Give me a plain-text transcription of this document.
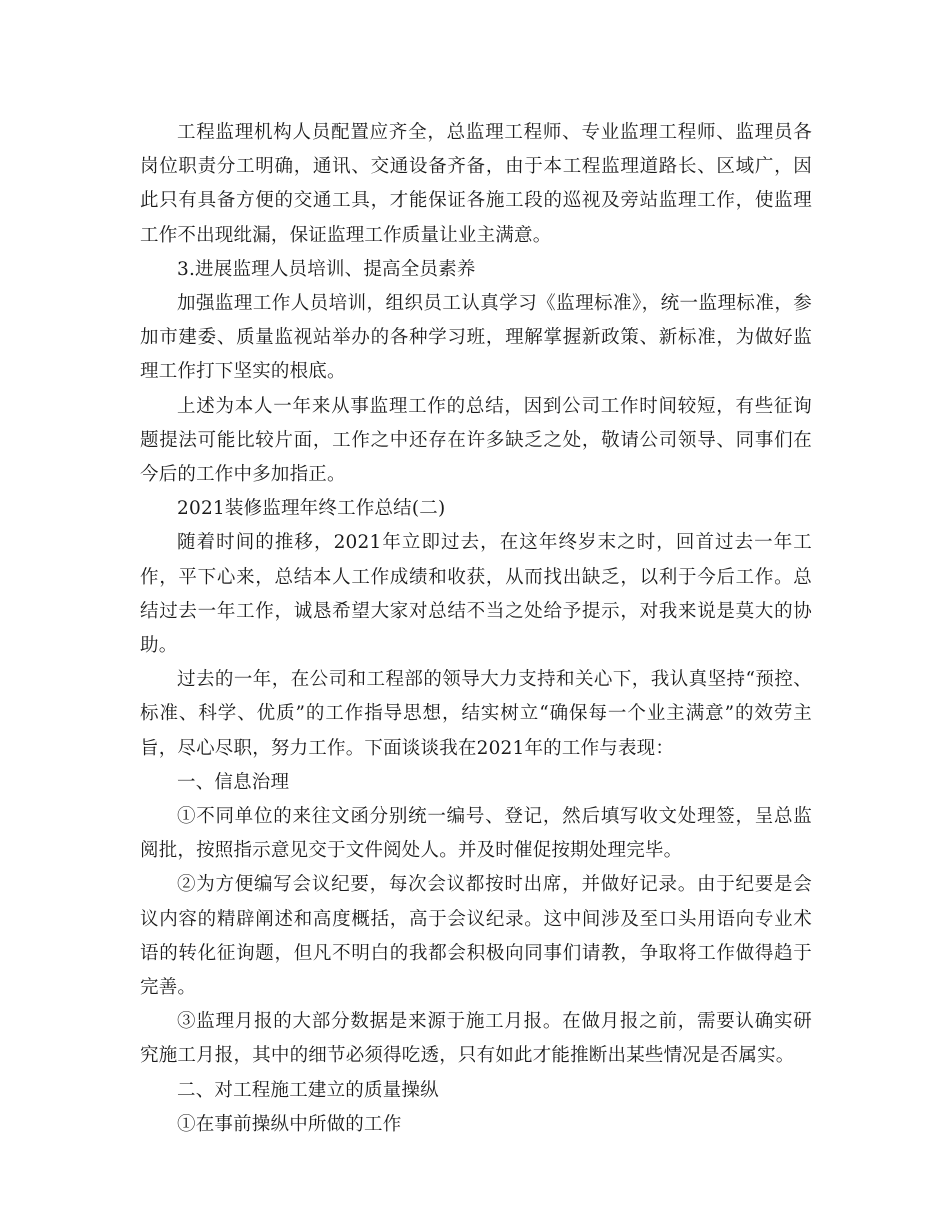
工程监理机构人员配置应齐全，总监理工程师、专业监理工程师、监理员各岗位职责分工明确，通讯、交通设备齐备，由于本工程监理道路长、区域广，因此只有具备方便的交通工具，才能保证各施工段的巡视及旁站监理工作，使监理工作不出现纰漏，保证监理工作质量让业主满意。

3.进展监理人员培训、提高全员素养

加强监理工作人员培训，组织员工认真学习《监理标准》，统一监理标准，参加市建委、质量监视站举办的各种学习班，理解掌握新政策、新标准，为做好监理工作打下坚实的根底。

上述为本人一年来从事监理工作的总结，因到公司工作时间较短，有些征询题提法可能比较片面，工作之中还存在许多缺乏之处，敬请公司领导、同事们在今后的工作中多加指正。

2021装修监理年终工作总结(二)

随着时间的推移，2021年立即过去，在这年终岁末之时，回首过去一年工作，平下心来，总结本人工作成绩和收获，从而找出缺乏，以利于今后工作。总结过去一年工作，诚恳希望大家对总结不当之处给予提示，对我来说是莫大的协助。

过去的一年，在公司和工程部的领导大力支持和关心下，我认真坚持“预控、标准、科学、优质”的工作指导思想，结实树立“确保每一个业主满意”的效劳主旨，尽心尽职，努力工作。下面谈谈我在2021年的工作与表现：

一、信息治理

①不同单位的来往文函分别统一编号、登记，然后填写收文处理签，呈总监阅批，按照指示意见交于文件阅处人。并及时催促按期处理完毕。

②为方便编写会议纪要，每次会议都按时出席，并做好记录。由于纪要是会议内容的精辟阐述和高度概括，高于会议纪录。这中间涉及至口头用语向专业术语的转化征询题，但凡不明白的我都会积极向同事们请教，争取将工作做得趋于完善。

③监理月报的大部分数据是来源于施工月报。在做月报之前，需要认确实研究施工月报，其中的细节必须得吃透，只有如此才能推断出某些情况是否属实。

二、对工程施工建立的质量操纵

①在事前操纵中所做的工作
